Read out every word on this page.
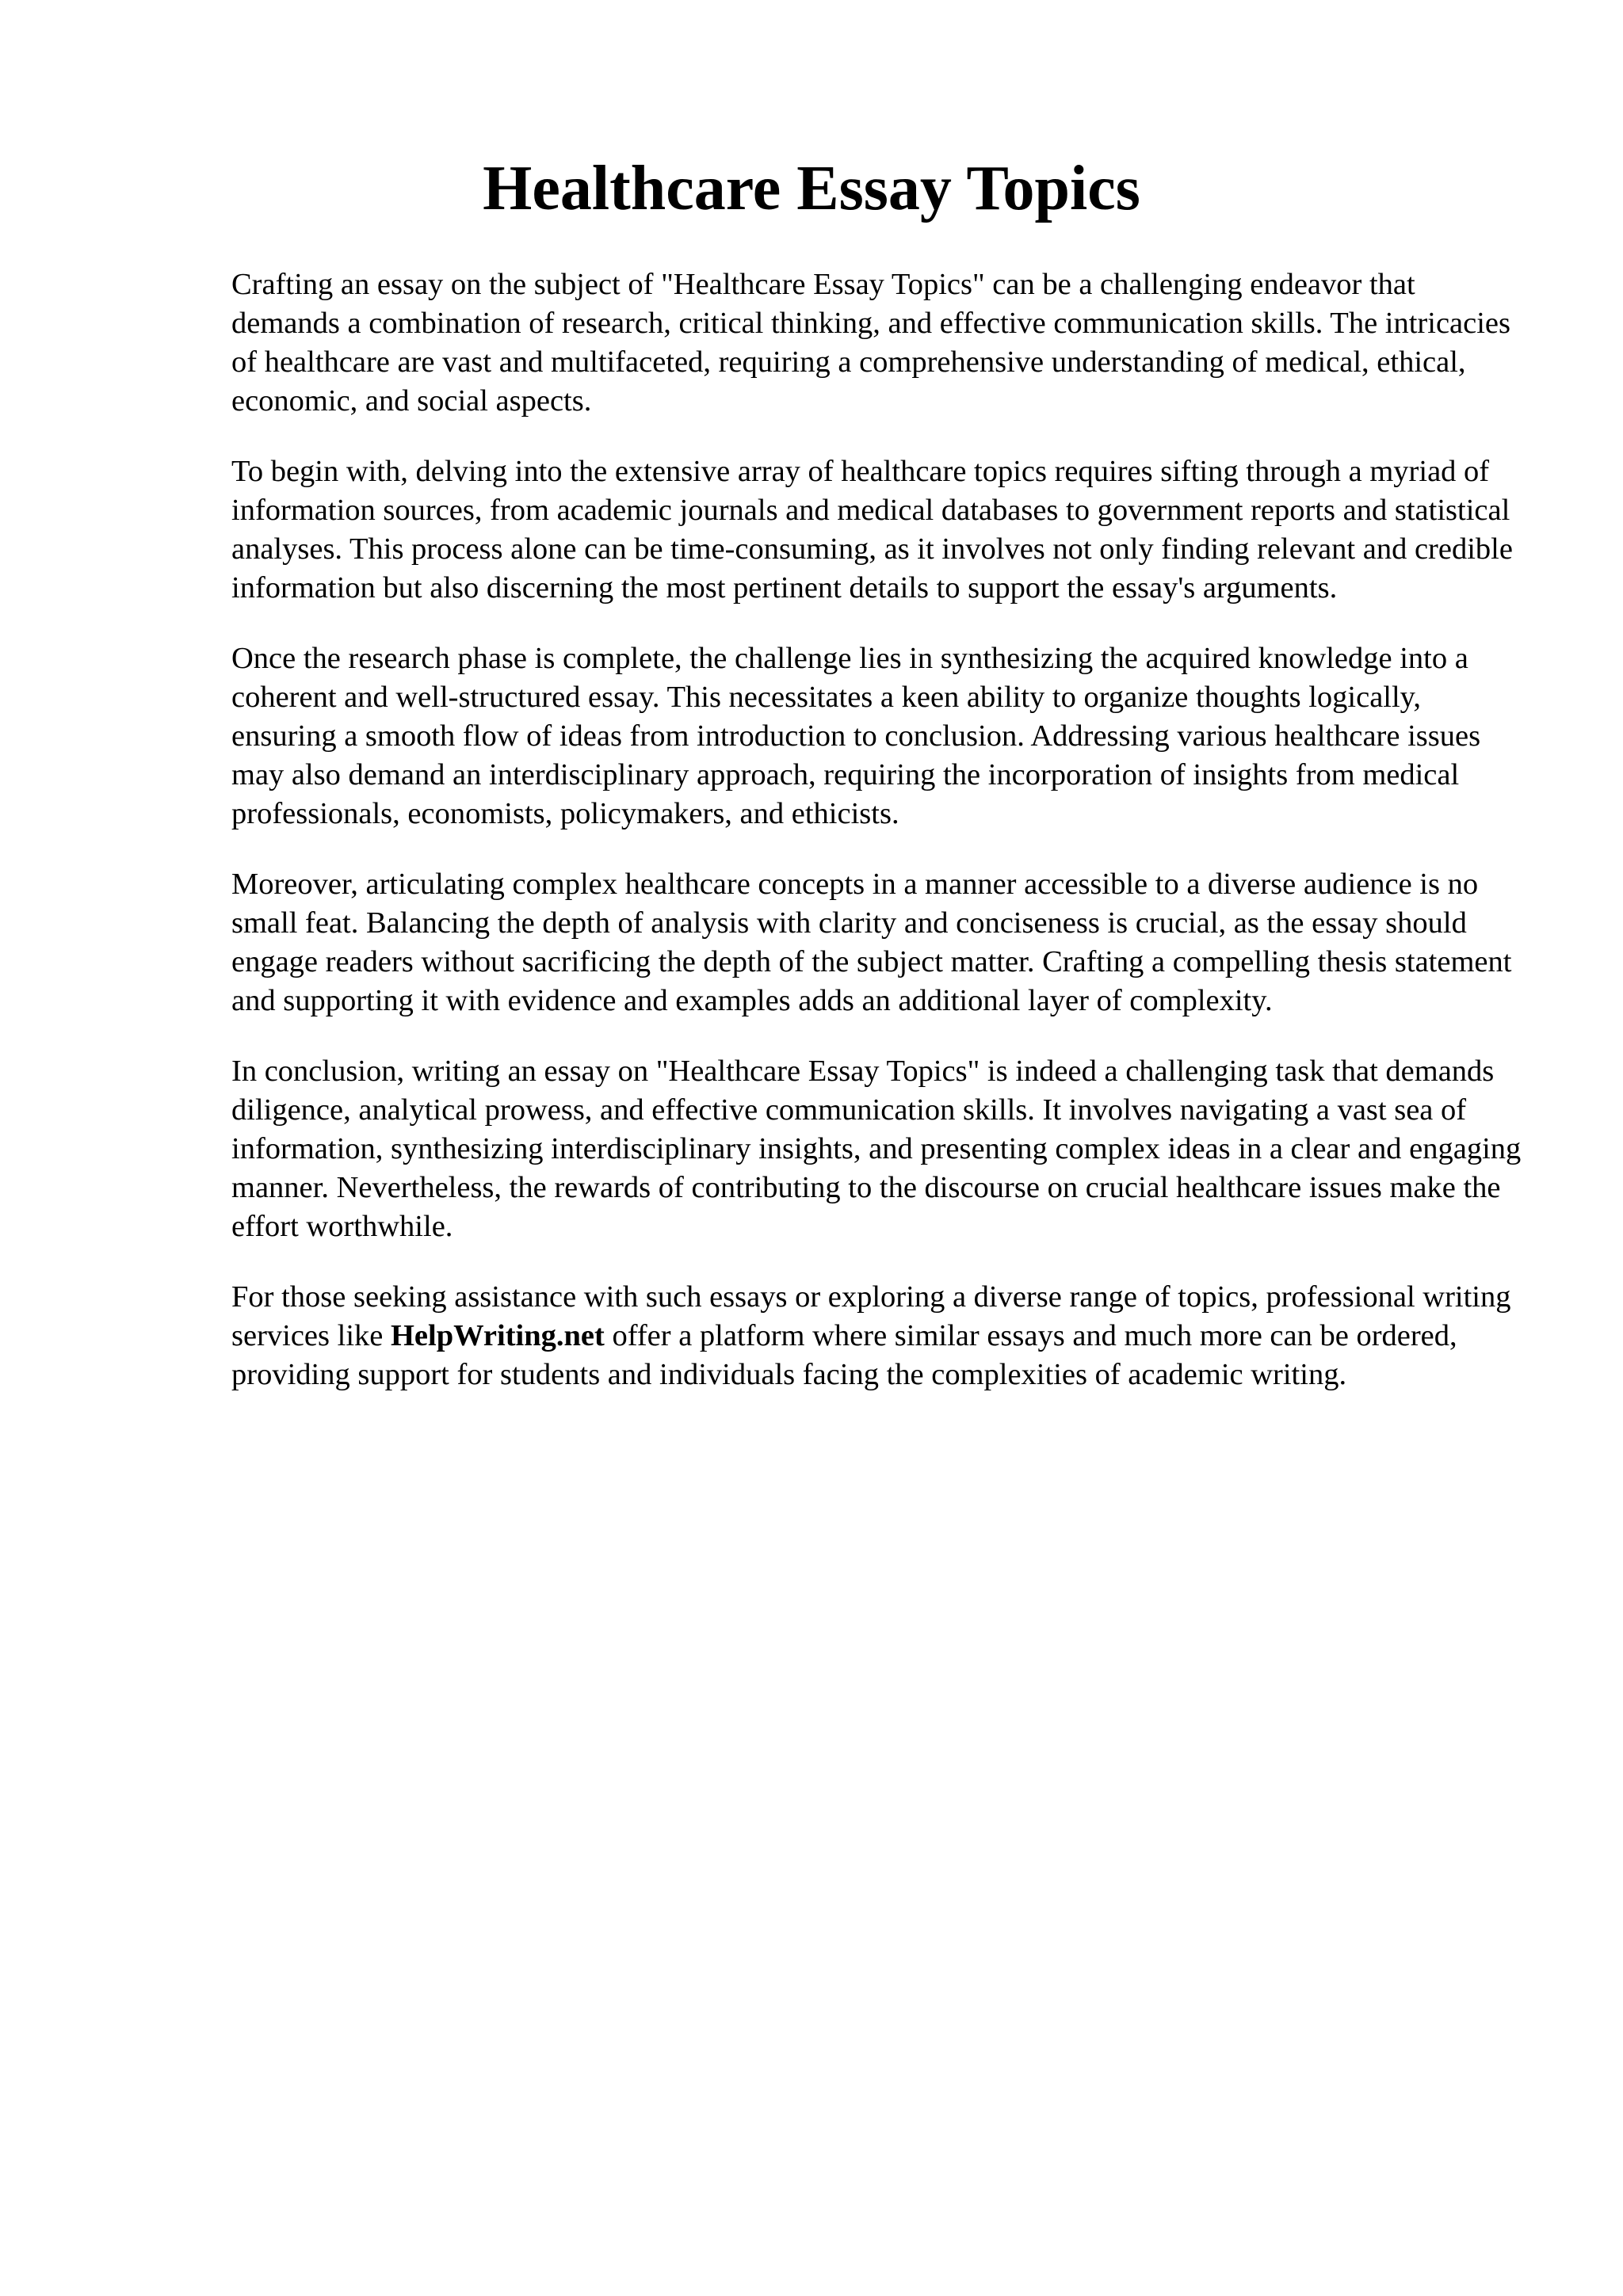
Healthcare Essay Topics

Crafting an essay on the subject of "Healthcare Essay Topics" can be a challenging endeavor that demands a combination of research, critical thinking, and effective communication skills. The intricacies of healthcare are vast and multifaceted, requiring a comprehensive understanding of medical, ethical, economic, and social aspects.

To begin with, delving into the extensive array of healthcare topics requires sifting through a myriad of information sources, from academic journals and medical databases to government reports and statistical analyses. This process alone can be time-consuming, as it involves not only finding relevant and credible information but also discerning the most pertinent details to support the essay's arguments.

Once the research phase is complete, the challenge lies in synthesizing the acquired knowledge into a coherent and well-structured essay. This necessitates a keen ability to organize thoughts logically, ensuring a smooth flow of ideas from introduction to conclusion. Addressing various healthcare issues may also demand an interdisciplinary approach, requiring the incorporation of insights from medical professionals, economists, policymakers, and ethicists.

Moreover, articulating complex healthcare concepts in a manner accessible to a diverse audience is no small feat. Balancing the depth of analysis with clarity and conciseness is crucial, as the essay should engage readers without sacrificing the depth of the subject matter. Crafting a compelling thesis statement and supporting it with evidence and examples adds an additional layer of complexity.

In conclusion, writing an essay on "Healthcare Essay Topics" is indeed a challenging task that demands diligence, analytical prowess, and effective communication skills. It involves navigating a vast sea of information, synthesizing interdisciplinary insights, and presenting complex ideas in a clear and engaging manner. Nevertheless, the rewards of contributing to the discourse on crucial healthcare issues make the effort worthwhile.

For those seeking assistance with such essays or exploring a diverse range of topics, professional writing services like HelpWriting.net offer a platform where similar essays and much more can be ordered, providing support for students and individuals facing the complexities of academic writing.
